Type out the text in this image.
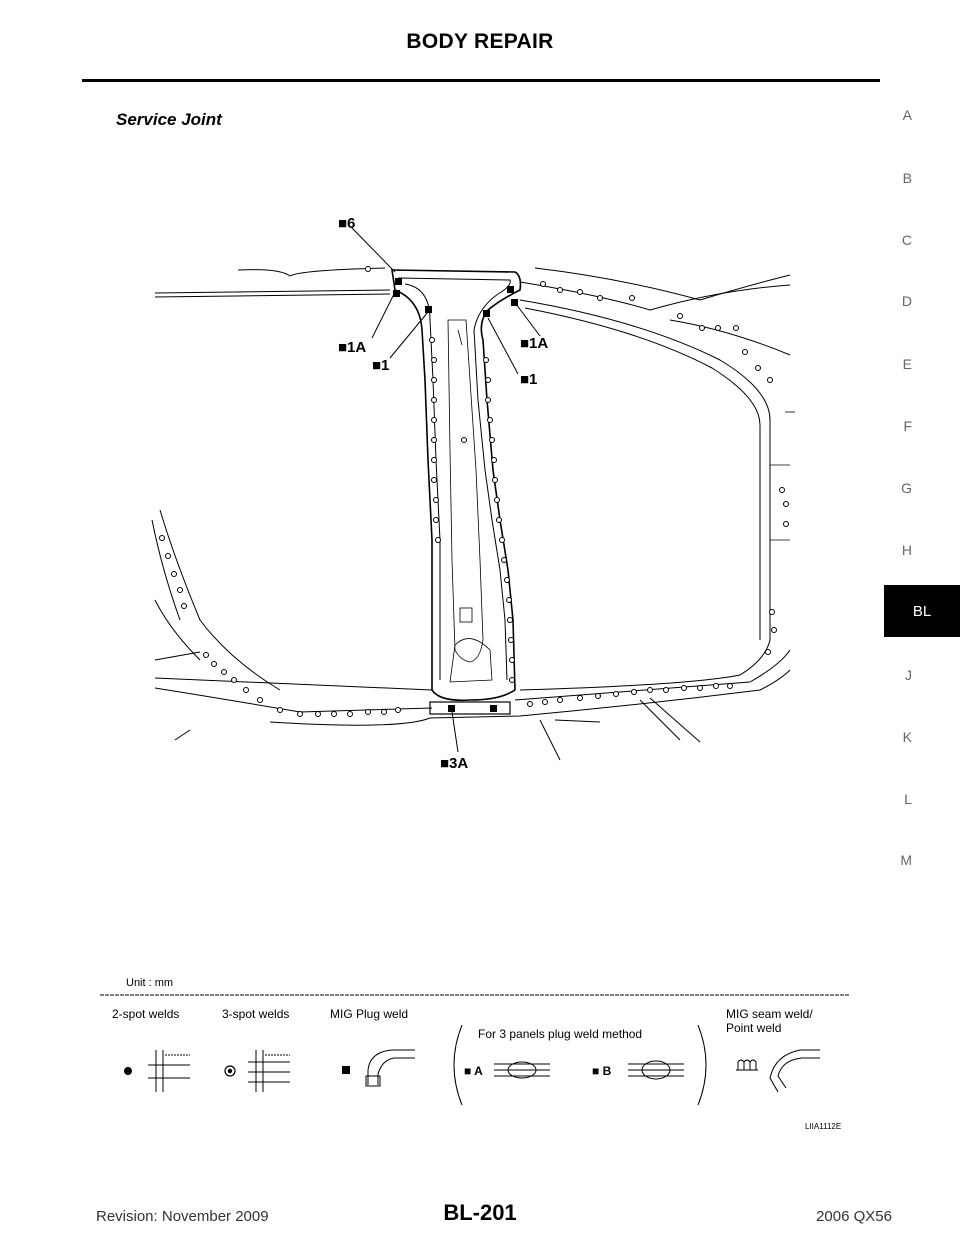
BODY REPAIR
Service Joint	A
B
C
D
E
F
G
H
BL
J
K
L
M
■6
■1A
■1
■1A
■1
■3A
Unit : mm
2-spot welds	3-spot welds	MIG Plug weld
For 3 panels plug weld method
MIG seam weld/
Point weld
■ A	■ B
LIIA1112E
Revision: November 2009	BL-201	2006 QX56
